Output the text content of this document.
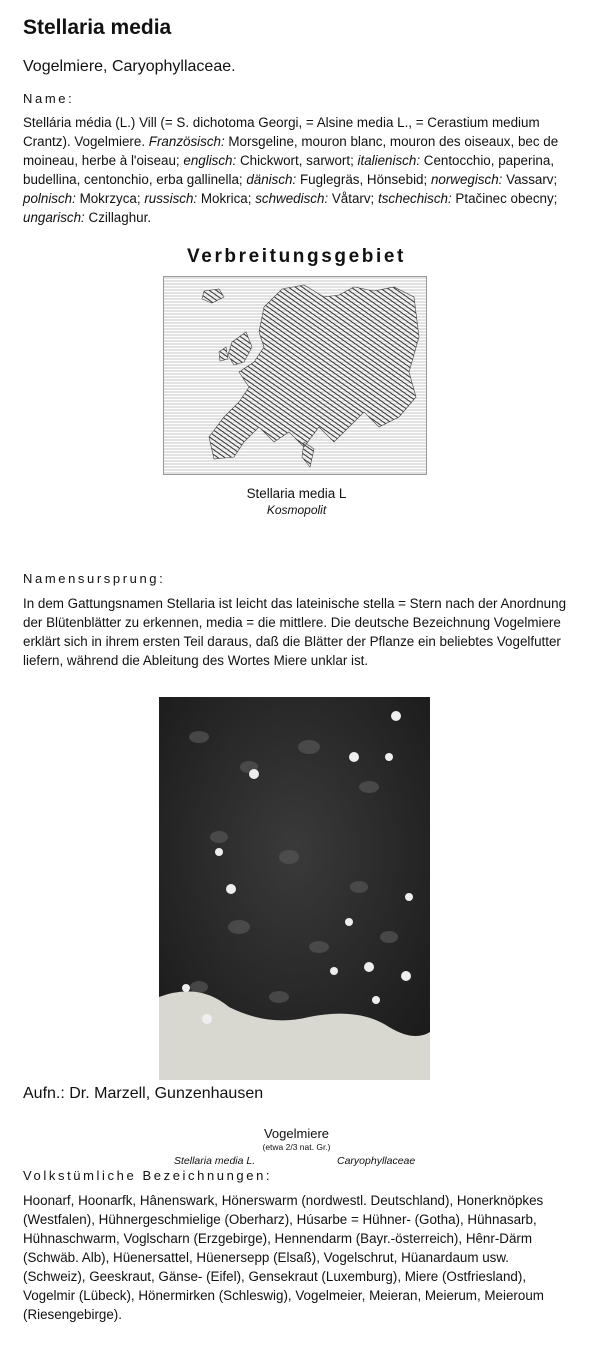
Stellaria media
Vogelmiere, Caryophyllaceae.
Name:
Stellária média (L.) Vill (= S. dichotoma Georgi, = Alsine media L., = Cerastium medium Crantz). Vogelmiere. Französisch: Morsgeline, mouron blanc, mouron des oiseaux, bec de moineau, herbe à l'oiseau; englisch: Chickwort, sarwort; italienisch: Centocchio, paperina, budellina, centonchio, erba gallinella; dänisch: Fuglegräs, Hönsebid; norwegisch: Vassarv; polnisch: Mokrzyca; russisch: Mokrica; schwedisch: Våtarv; tschechisch: Ptačinec obecny; ungarisch: Czillaghur.
Verbreitungsgebiet
Stellaria media L
Kosmopolit
Namensursprung:
In dem Gattungsnamen Stellaria ist leicht das lateinische stella = Stern nach der Anordnung der Blütenblätter zu erkennen, media = die mittlere. Die deutsche Bezeichnung Vogelmiere erklärt sich in ihrem ersten Teil daraus, daß die Blätter der Pflanze ein beliebtes Vogelfutter liefern, während die Ableitung des Wortes Miere unklar ist.
Aufn.: Dr. Marzell, Gunzenhausen
Vogelmiere
(etwa 2/3 nat. Gr.)
Stellaria media L.	Caryophyllaceae
Volkstümliche Bezeichnungen:
Hoonarf, Hoonarfk, Hânenswark, Hönerswarm (nordwestl. Deutschland), Honerknöpkes (Westfalen), Hühnergeschmielige (Oberharz), Húsarbe = Hühner- (Gotha), Hühnasarb, Hühnaschwarm, Voglscharn (Erzgebirge), Hennendarm (Bayr.-österreich), Hênr-Därm (Schwäb. Alb), Hüenersattel, Hüenersepp (Elsaß), Vogelschrut, Hüanardaum usw. (Schweiz), Geeskraut, Gänse- (Eifel), Gensekraut (Luxemburg), Miere (Ostfriesland), Vogelmir (Lübeck), Hönermirken (Schleswig), Vogelmeier, Meieran, Meierum, Meieroum (Riesengebirge).
